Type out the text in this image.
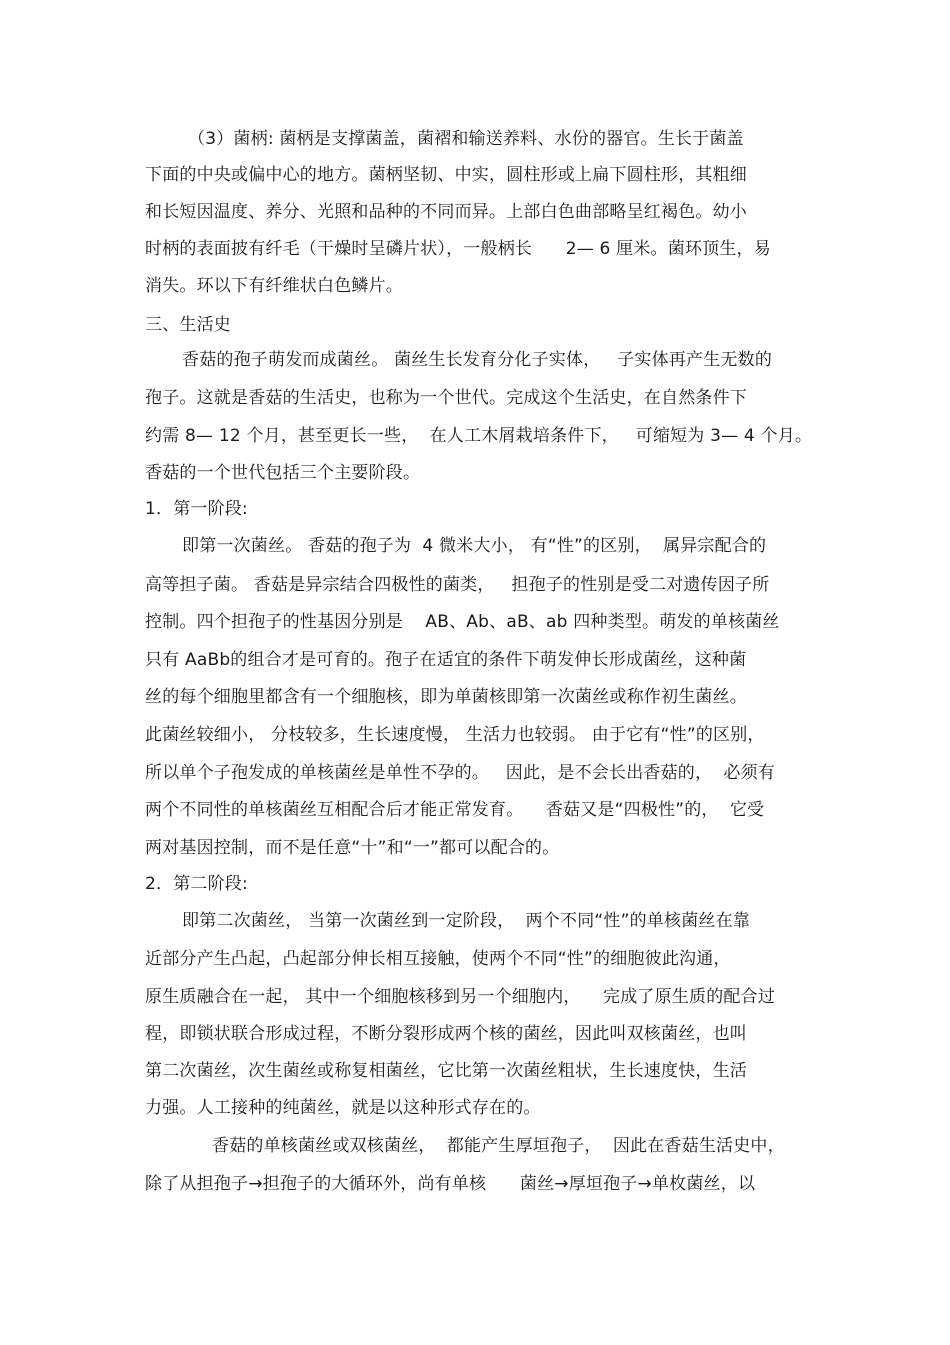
（3）菌柄: 菌柄是支撑菌盖，菌褶和输送养料、水份的器官。生长于菌盖
下面的中央或偏中心的地方。菌柄坚韧、中实，圆柱形或上扁下圆柱形，其粗细
和长短因温度、养分、光照和品种的不同而异。上部白色曲部略呈红褐色。幼小
时柄的表面披有纤毛（干燥时呈磷片状），一般柄长      2— 6 厘米。菌环顶生，易
消失。环以下有纤维状白色鳞片。
三、生活史
香菇的孢子萌发而成菌丝。 菌丝生长发育分化子实体，   子实体再产生无数的
孢子。这就是香菇的生活史，也称为一个世代。完成这个生活史，在自然条件下
约需 8— 12 个月，甚至更长一些，  在人工木屑栽培条件下，   可缩短为 3— 4 个月。
香菇的一个世代包括三个主要阶段。
1．第一阶段:
即第一次菌丝。 香菇的孢子为  4 微米大小， 有“性”的区别，  属异宗配合的
高等担子菌。 香菇是异宗结合四极性的菌类，   担孢子的性别是受二对遗传因子所
控制。四个担孢子的性基因分别是    AB、Ab、aB、ab 四种类型。萌发的单核菌丝
只有 AaBb的组合才是可育的。孢子在适宜的条件下萌发伸长形成菌丝，这种菌
丝的每个细胞里都含有一个细胞核，即为单菌核即第一次菌丝或称作初生菌丝。
此菌丝较细小， 分枝较多，生长速度慢， 生活力也较弱。 由于它有“性”的区别，
所以单个子孢发成的单核菌丝是单性不孕的。   因此，是不会长出香菇的，  必须有
两个不同性的单核菌丝互相配合后才能正常发育。    香菇又是“四极性”的，  它受
两对基因控制，而不是任意“十”和“一”都可以配合的。
2．第二阶段:
即第二次菌丝， 当第一次菌丝到一定阶段，  两个不同“性”的单核菌丝在靠
近部分产生凸起，凸起部分伸长相互接触，使两个不同“性”的细胞彼此沟通，
原生质融合在一起， 其中一个细胞核移到另一个细胞内，    完成了原生质的配合过
程，即锁状联合形成过程，不断分裂形成两个核的菌丝，因此叫双核菌丝，也叫
第二次菌丝，次生菌丝或称复相菌丝，它比第一次菌丝粗状，生长速度快，生活
力强。人工接种的纯菌丝，就是以这种形式存在的。
香菇的单核菌丝或双核菌丝，  都能产生厚垣孢子，  因此在香菇生活史中，
除了从担孢子→担孢子的大循环外，尚有单核      菌丝→厚垣孢子→单枚菌丝，以
